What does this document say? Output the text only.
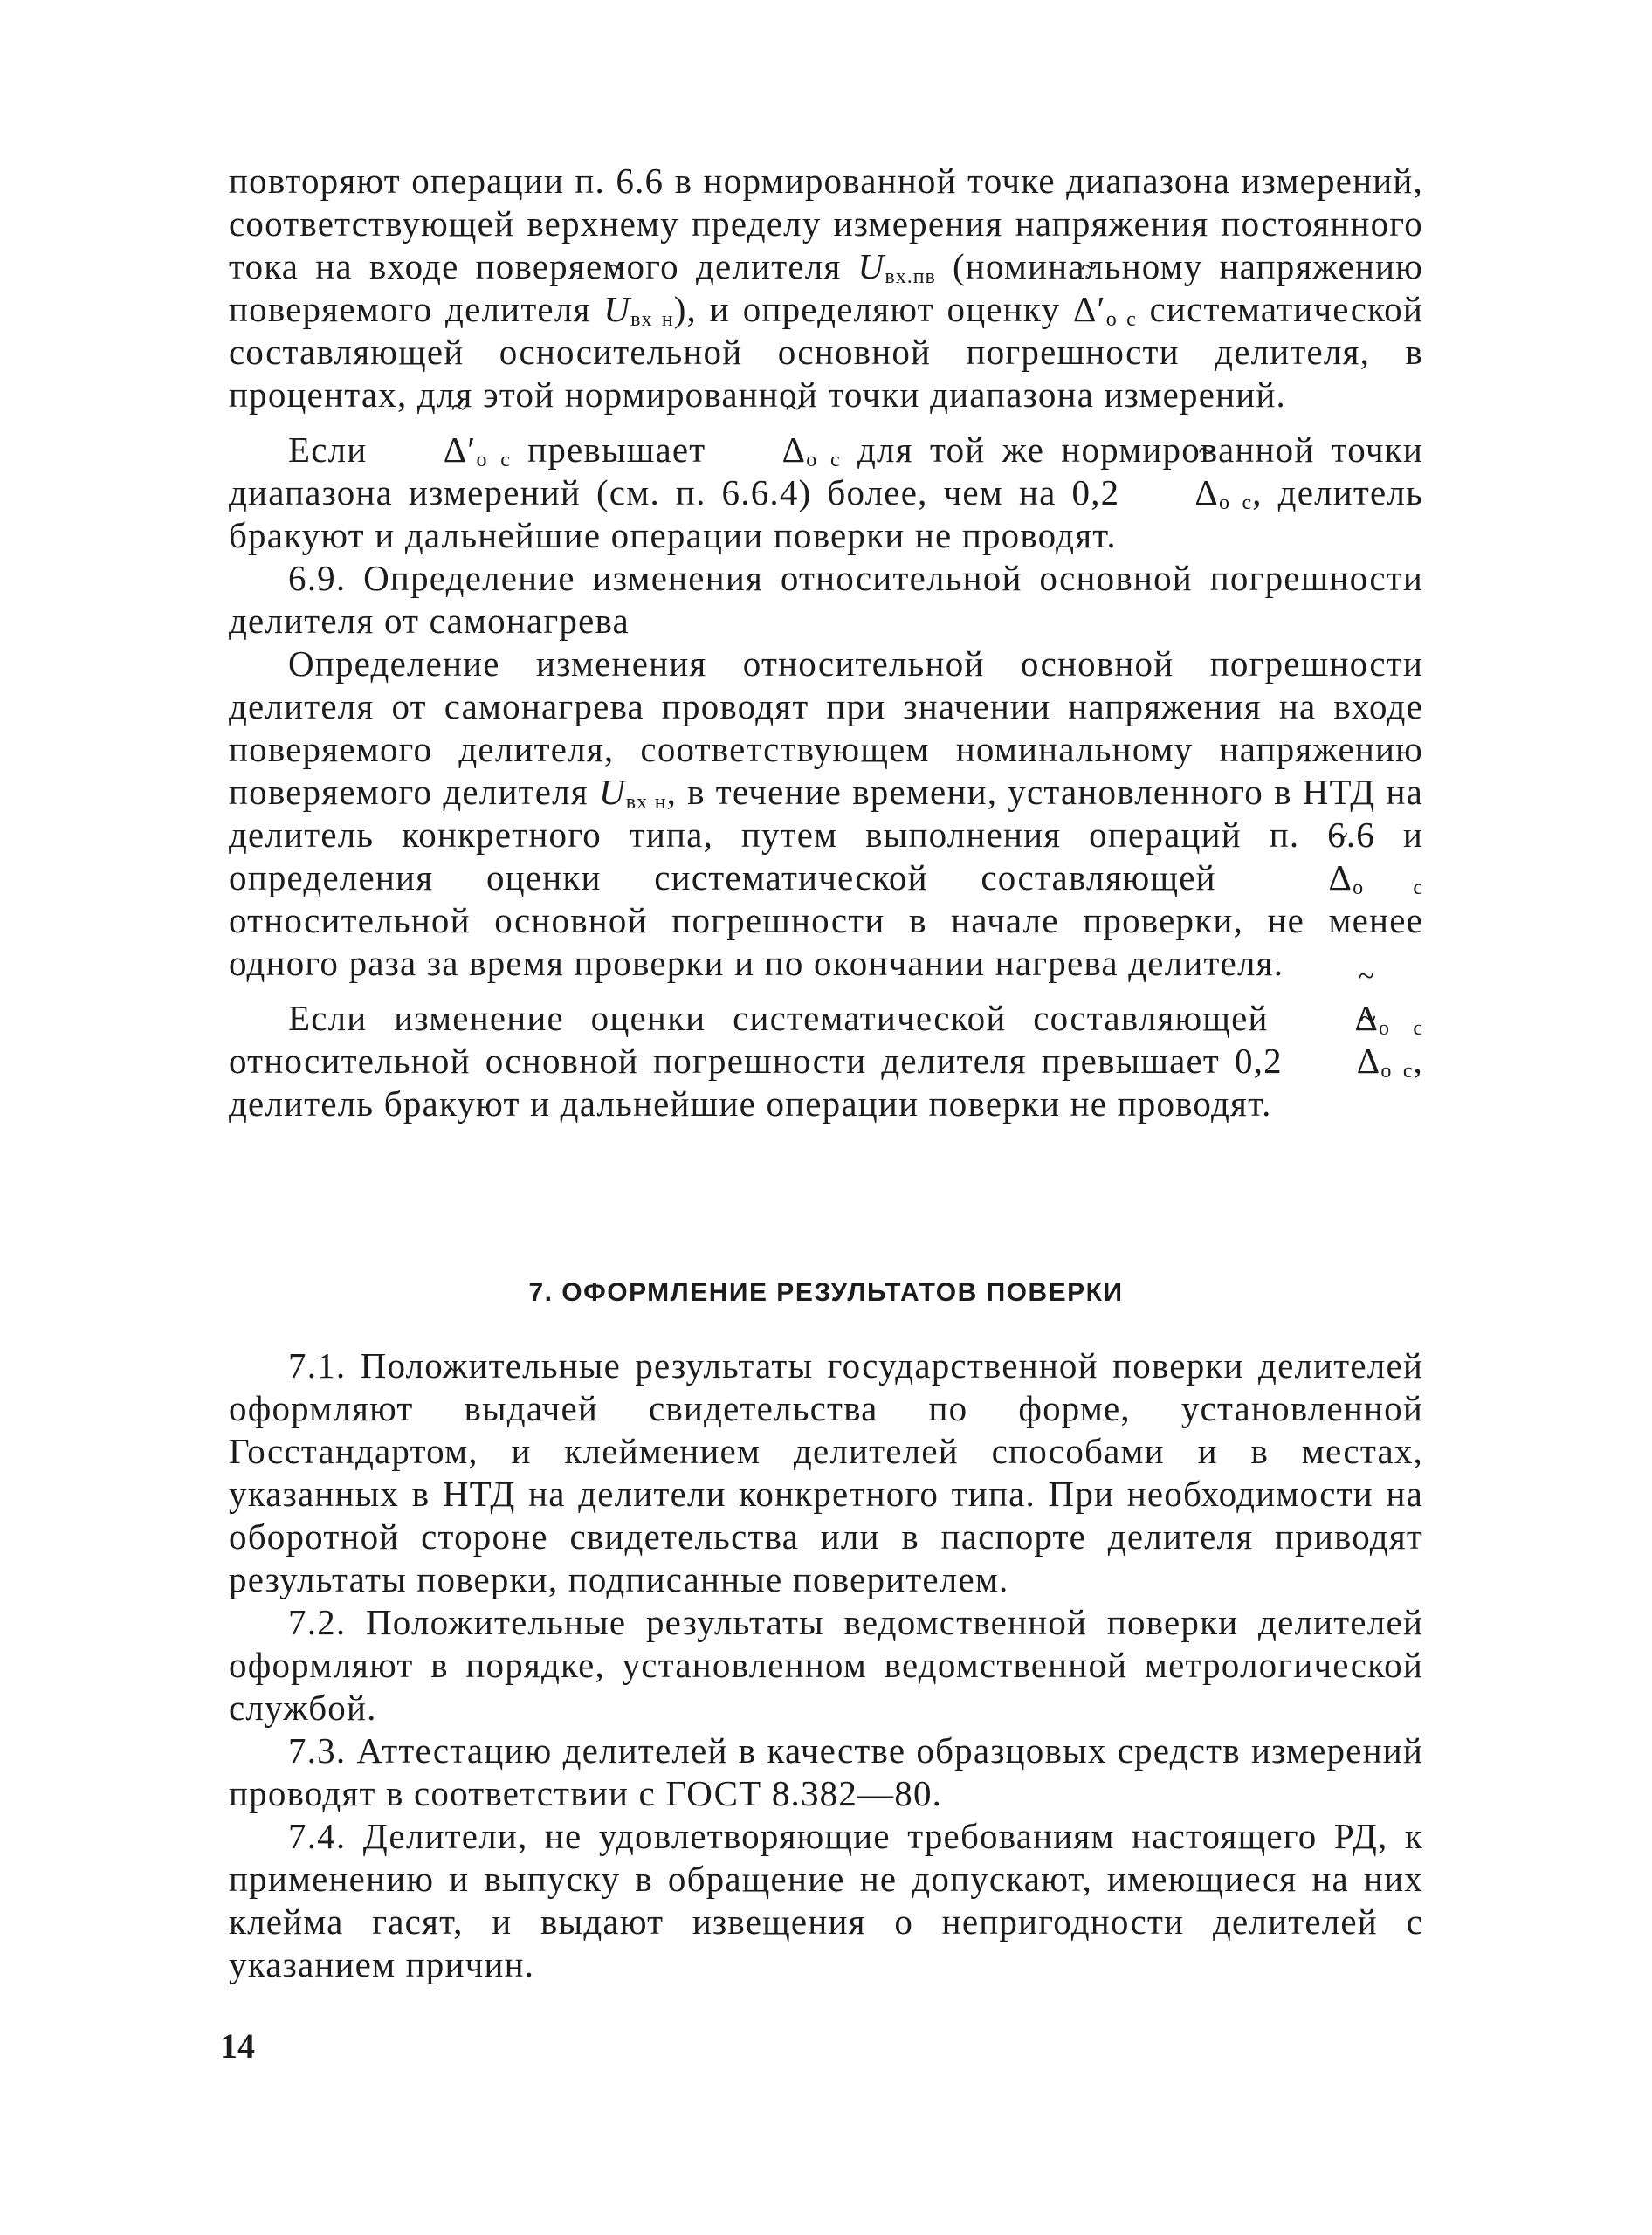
повторяют операции п. 6.6 в нормированной точке диапазона измерений, соответствующей верхнему пределу измерения напряжения постоянного тока на входе поверяемого делителя $U_{вх.пв}$ (номинальному напряжению поверяемого делителя ~ $U_{вх н}$), и определяют оценку ~ $\Delta'_{о с}$ систематической составляющей осносительной основной погрешности делителя, в процентах, для этой нормированной точки диапазона измерений.

Если ~ $\Delta'_{о с}$ превышает ~ $\Delta_{о с}$ для той же нормированной точки диапазона измерений (см. п. 6.6.4) более, чем на 0,2 ~ $\Delta_{о с}$, делитель бракуют и дальнейшие операции поверки не проводят.

6.9. Определение изменения относительной основной погрешности делителя от самонагрева

Определение изменения относительной основной погрешности делителя от самонагрева проводят при значении напряжения на входе поверяемого делителя, соответствующем номинальному напряжению поверяемого делителя $U_{вх н}$, в течение времени, установленного в НТД на делитель конкретного типа, путем выполнения операций п. 6.6 и определения оценки систематической составляющей ~ $\Delta_{о с}$ относительной основной погрешности в начале проверки, не менее одного раза за время проверки и по окончании нагрева делителя.

Если изменение оценки систематической составляющей ~ $\Delta_{о с}$ относительной основной погрешности делителя превышает 0,2 ~ $\Delta_{о с}$, делитель бракуют и дальнейшие операции поверки не проводят.

7. ОФОРМЛЕНИЕ РЕЗУЛЬТАТОВ ПОВЕРКИ

7.1. Положительные результаты государственной поверки делителей оформляют выдачей свидетельства по форме, установленной Госстандартом, и клеймением делителей способами и в местах, указанных в НТД на делители конкретного типа. При необходимости на оборотной стороне свидетельства или в паспорте делителя приводят результаты поверки, подписанные поверителем.

7.2. Положительные результаты ведомственной поверки делителей оформляют в порядке, установленном ведомственной метрологической службой.

7.3. Аттестацию делителей в качестве образцовых средств измерений проводят в соответствии с ГОСТ 8.382—80.

7.4. Делители, не удовлетворяющие требованиям настоящего РД, к применению и выпуску в обращение не допускают, имеющиеся на них клейма гасят, и выдают извещения о непригодности делителей с указанием причин.

14
